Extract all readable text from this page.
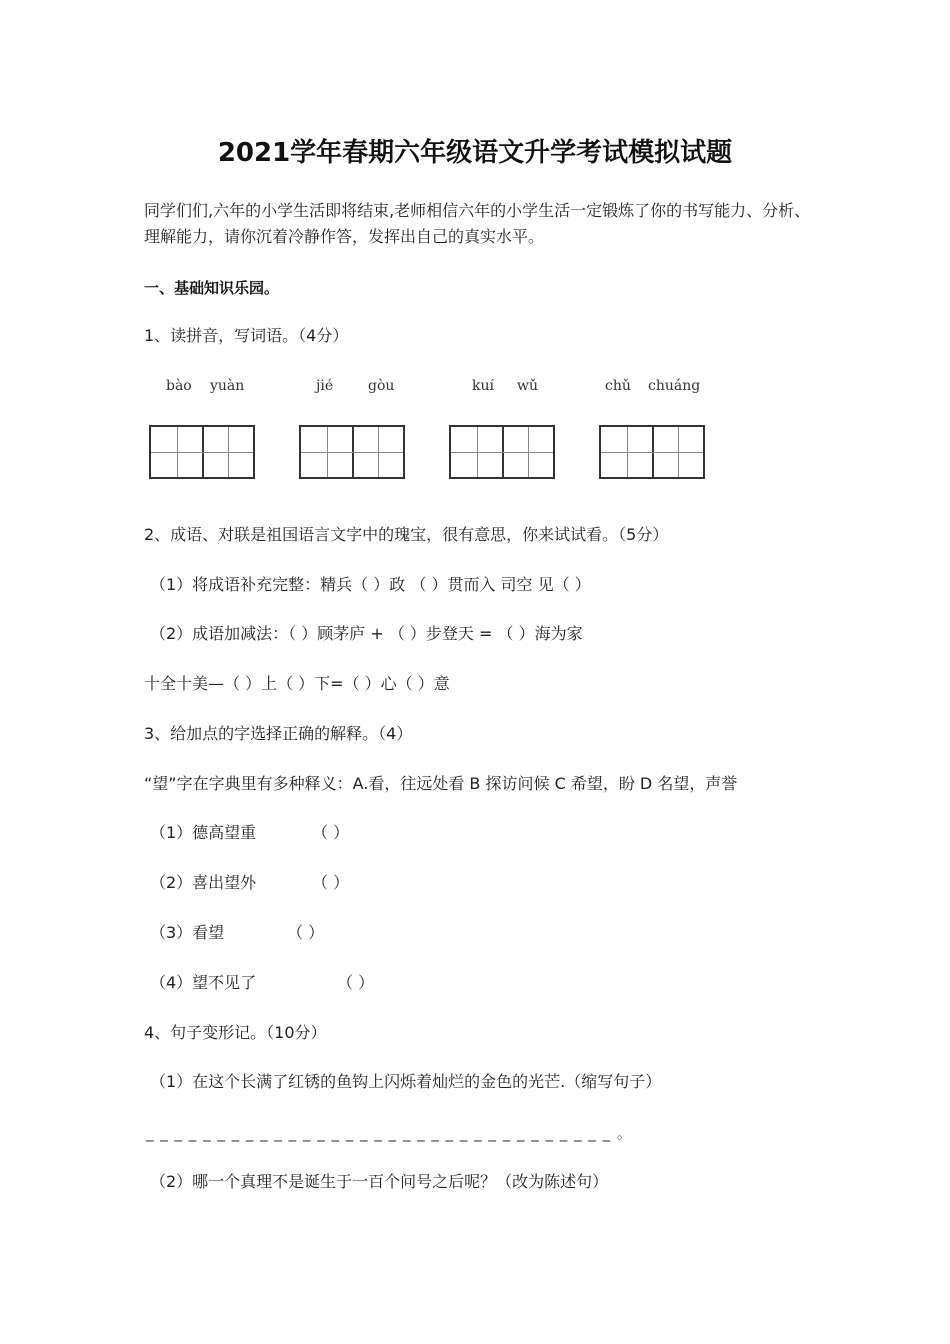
2021学年春期六年级语文升学考试模拟试题
同学们们,六年的小学生活即将结束,老师相信六年的小学生活一定锻炼了你的书写能力、分析、理解能力，请你沉着冷静作答，发挥出自己的真实水平。
一、基础知识乐园。
1、读拼音，写词语。（4分）
bào yuàn	jié gòu	kuí wǔ	chǔ chuáng
2、成语、对联是祖国语言文字中的瑰宝，很有意思，你来试试看。（5分）
（1）将成语补充完整：精兵（ ）政 （ ）贯而入 司空 见（ ）
（2）成语加减法：（ ）顾茅庐 + （ ）步登天 = （ ）海为家
十全十美—（ ）上（ ）下=（ ）心（ ）意
3、给加点的字选择正确的解释。（4）
“望”字在字典里有多种释义：A.看，往远处看 B 探访问候 C 希望，盼 D 名望，声誉
（1）德高望重	（ ）
（2）喜出望外	（ ）
（3）看望	（ ）
（4）望不见了	（ ）
4、句子变形记。（10分）
（1）在这个长满了红锈的鱼钩上闪烁着灿烂的金色的光芒.（缩写句子）
_ _ _ _ _ _ _ _ _ _ _ _ _ _ _ _ _ _ _ _ _ _ _ _ _ _ _ _ _ _ _ _ _ 。
（2）哪一个真理不是诞生于一百个问号之后呢？（改为陈述句）
